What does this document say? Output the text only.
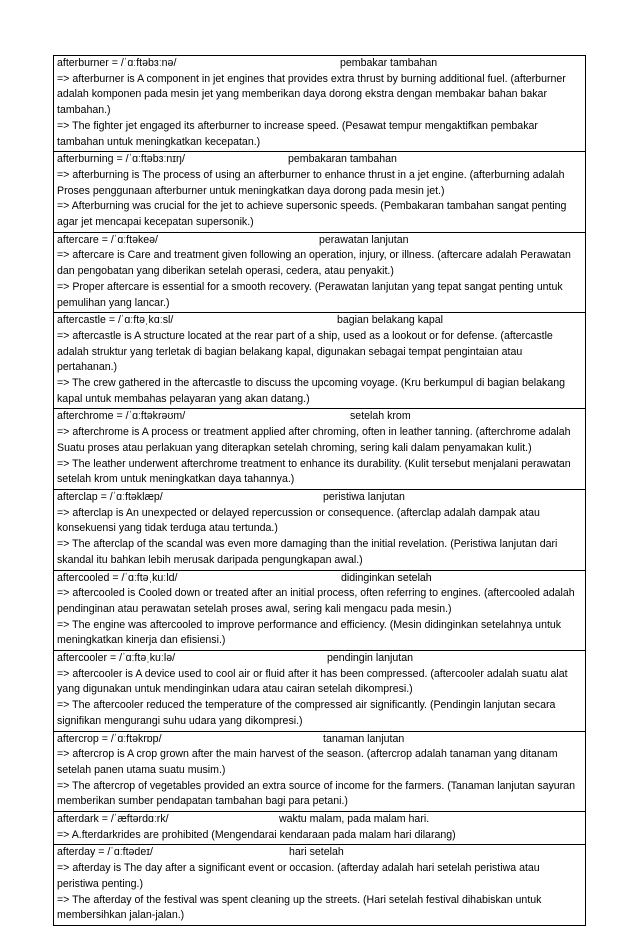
afterburner = /ˈɑːftəbɜːnə/	pembakar tambahan
=> afterburner is A component in jet engines that provides extra thrust by burning additional fuel. (afterburner adalah komponen pada mesin jet yang memberikan daya dorong ekstra dengan membakar bahan bakar tambahan.)
=> The fighter jet engaged its afterburner to increase speed. (Pesawat tempur mengaktifkan pembakar tambahan untuk meningkatkan kecepatan.)
afterburning = /ˈɑːftəbɜːnɪŋ/	pembakaran tambahan
=> afterburning is The process of using an afterburner to enhance thrust in a jet engine. (afterburning adalah Proses penggunaan afterburner untuk meningkatkan daya dorong pada mesin jet.)
=> Afterburning was crucial for the jet to achieve supersonic speeds. (Pembakaran tambahan sangat penting agar jet mencapai kecepatan supersonik.)
aftercare = /ˈɑːftəkeə/	perawatan lanjutan
=> aftercare is Care and treatment given following an operation, injury, or illness. (aftercare adalah Perawatan dan pengobatan yang diberikan setelah operasi, cedera, atau penyakit.)
=> Proper aftercare is essential for a smooth recovery. (Perawatan lanjutan yang tepat sangat penting untuk pemulihan yang lancar.)
aftercastle = /ˈɑːftəˌkɑːsl/	bagian belakang kapal
=> aftercastle is A structure located at the rear part of a ship, used as a lookout or for defense. (aftercastle adalah struktur yang terletak di bagian belakang kapal, digunakan sebagai tempat pengintaian atau pertahanan.)
=> The crew gathered in the aftercastle to discuss the upcoming voyage. (Kru berkumpul di bagian belakang kapal untuk membahas pelayaran yang akan datang.)
afterchrome = /ˈɑːftəkrəʊm/	setelah krom
=> afterchrome is A process or treatment applied after chroming, often in leather tanning. (afterchrome adalah Suatu proses atau perlakuan yang diterapkan setelah chroming, sering kali dalam penyamakan kulit.)
=> The leather underwent afterchrome treatment to enhance its durability. (Kulit tersebut menjalani perawatan setelah krom untuk meningkatkan daya tahannya.)
afterclap = /ˈɑːftəklæp/	peristiwa lanjutan
=> afterclap is An unexpected or delayed repercussion or consequence. (afterclap adalah dampak atau konsekuensi yang tidak terduga atau tertunda.)
=> The afterclap of the scandal was even more damaging than the initial revelation. (Peristiwa lanjutan dari skandal itu bahkan lebih merusak daripada pengungkapan awal.)
aftercooled = /ˈɑːftəˌkuːld/	didinginkan setelah
=> aftercooled is Cooled down or treated after an initial process, often referring to engines. (aftercooled adalah pendinginan atau perawatan setelah proses awal, sering kali mengacu pada mesin.)
=> The engine was aftercooled to improve performance and efficiency. (Mesin didinginkan setelahnya untuk meningkatkan kinerja dan efisiensi.)
aftercooler = /ˈɑːftəˌkuːlə/	pendingin lanjutan
=> aftercooler is A device used to cool air or fluid after it has been compressed. (aftercooler adalah suatu alat yang digunakan untuk mendinginkan udara atau cairan setelah dikompresi.)
=> The aftercooler reduced the temperature of the compressed air significantly. (Pendingin lanjutan secara signifikan mengurangi suhu udara yang dikompresi.)
aftercrop = /ˈɑːftəkrɒp/	tanaman lanjutan
=> aftercrop is A crop grown after the main harvest of the season. (aftercrop adalah tanaman yang ditanam setelah panen utama suatu musim.)
=> The aftercrop of vegetables provided an extra source of income for the farmers. (Tanaman lanjutan sayuran memberikan sumber pendapatan tambahan bagi para petani.)
afterdark = /ˈæftərdɑːrk/	waktu malam, pada malam hari.
=> A.fterdarkrides are prohibited (Mengendarai kendaraan pada malam hari dilarang)
afterday = /ˈɑːftədeɪ/	hari setelah
=> afterday is The day after a significant event or occasion. (afterday adalah hari setelah peristiwa atau peristiwa penting.)
=> The afterday of the festival was spent cleaning up the streets. (Hari setelah festival dihabiskan untuk membersihkan jalan-jalan.)
